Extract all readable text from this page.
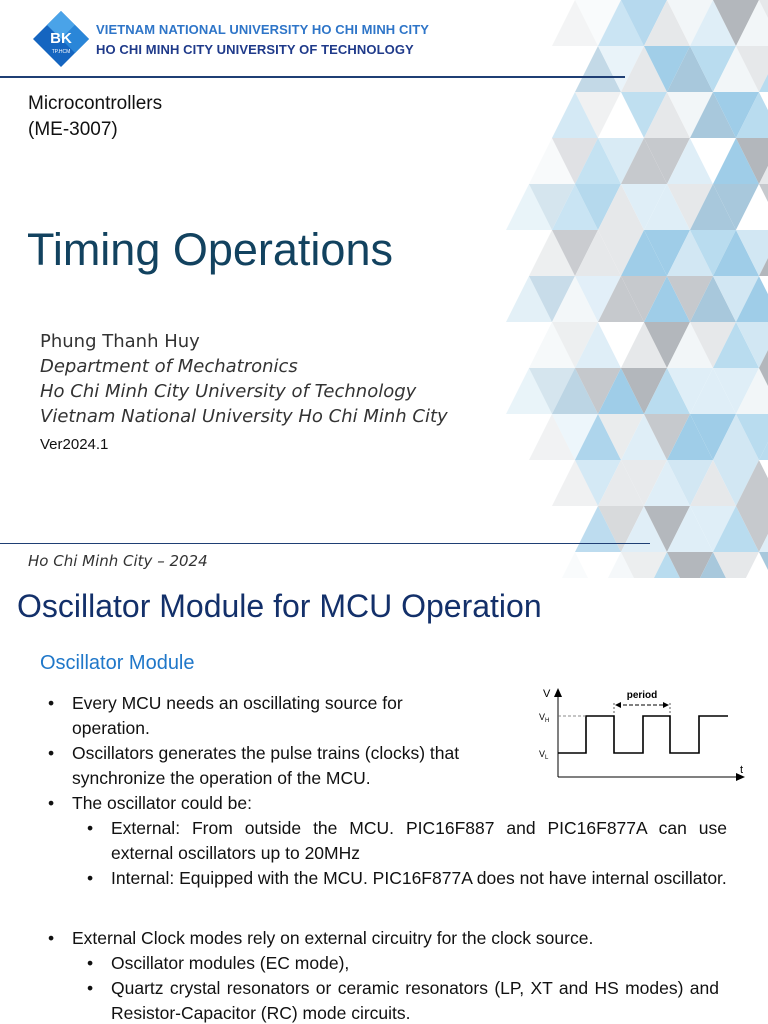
BK
TP.HCM
VIETNAM NATIONAL UNIVERSITY HO CHI MINH CITY
HO CHI MINH CITY UNIVERSITY OF TECHNOLOGY
Microcontrollers
(ME-3007)
Timing Operations
Phung Thanh Huy
Department of Mechatronics
Ho Chi Minh City University of Technology
Vietnam National University Ho Chi Minh City
Ver2024.1
Ho Chi Minh City – 2024
Oscillator Module for MCU Operation
Oscillator Module
• Every MCU needs an oscillating source for operation.
• Oscillators generates the pulse trains (clocks) that
synchronize the operation of the MCU.
• The oscillator could be:
• External: From outside the MCU. PIC16F887 and PIC16F877A can use external oscillators up to 20MHz
• Internal: Equipped with the MCU. PIC16F877A does not have internal oscillator.
• External Clock modes rely on external circuitry for the clock source.
• Oscillator modules (EC mode),
• Quartz crystal resonators or ceramic resonators (LP, XT and HS modes) and Resistor-Capacitor (RC) mode circuits.
V
$V_H$
$V_L$
t
period
